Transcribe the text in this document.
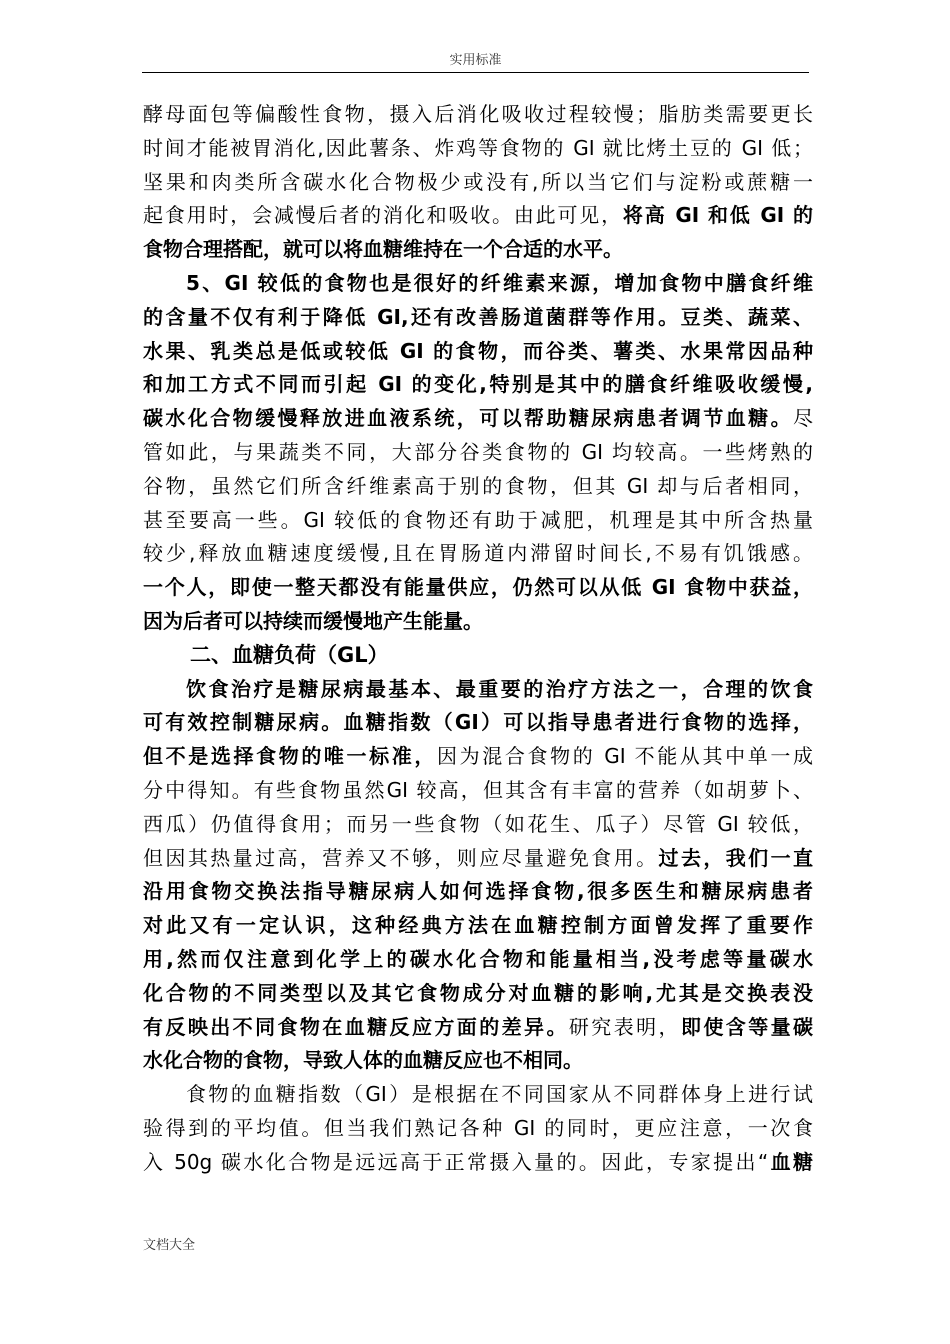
实用标准
酵母面包等偏酸性食物，摄入后消化吸收过程较慢；脂肪类需要更长
时间才能被胃消化,因此薯条、炸鸡等食物的 GI 就比烤土豆的 GI 低；
坚果和肉类所含碳水化合物极少或没有,所以当它们与淀粉或蔗糖一
起食用时，会减慢后者的消化和吸收。由此可见，将高 GI 和低 GI 的
食物合理搭配，就可以将血糖维持在一个合适的水平。
5、GI 较低的食物也是很好的纤维素来源，增加食物中膳食纤维
的含量不仅有利于降低 GI,还有改善肠道菌群等作用。豆类、蔬菜、
水果、乳类总是低或较低 GI 的食物，而谷类、薯类、水果常因品种
和加工方式不同而引起 GI 的变化,特别是其中的膳食纤维吸收缓慢,
碳水化合物缓慢释放进血液系统，可以帮助糖尿病患者调节血糖。尽
管如此，与果蔬类不同，大部分谷类食物的 GI 均较高。一些烤熟的
谷物，虽然它们所含纤维素高于别的食物，但其 GI 却与后者相同，
甚至要高一些。GI 较低的食物还有助于减肥，机理是其中所含热量
较少,释放血糖速度缓慢,且在胃肠道内滞留时间长,不易有饥饿感。
一个人，即使一整天都没有能量供应，仍然可以从低 GI 食物中获益，
因为后者可以持续而缓慢地产生能量。
二、血糖负荷（GL）
饮食治疗是糖尿病最基本、最重要的治疗方法之一，合理的饮食
可有效控制糖尿病。血糖指数（GI）可以指导患者进行食物的选择，
但不是选择食物的唯一标准，因为混合食物的 GI 不能从其中单一成
分中得知。有些食物虽然GI 较高，但其含有丰富的营养（如胡萝卜、
西瓜）仍值得食用；而另一些食物（如花生、瓜子）尽管 GI 较低，
但因其热量过高，营养又不够，则应尽量避免食用。过去，我们一直
沿用食物交换法指导糖尿病人如何选择食物,很多医生和糖尿病患者
对此又有一定认识，这种经典方法在血糖控制方面曾发挥了重要作
用,然而仅注意到化学上的碳水化合物和能量相当,没考虑等量碳水
化合物的不同类型以及其它食物成分对血糖的影响,尤其是交换表没
有反映出不同食物在血糖反应方面的差异。研究表明，即使含等量碳
水化合物的食物，导致人体的血糖反应也不相同。
食物的血糖指数（GI）是根据在不同国家从不同群体身上进行试
验得到的平均值。但当我们熟记各种 GI 的同时，更应注意，一次食
入 50g 碳水化合物是远远高于正常摄入量的。因此，专家提出“血糖
文档大全
